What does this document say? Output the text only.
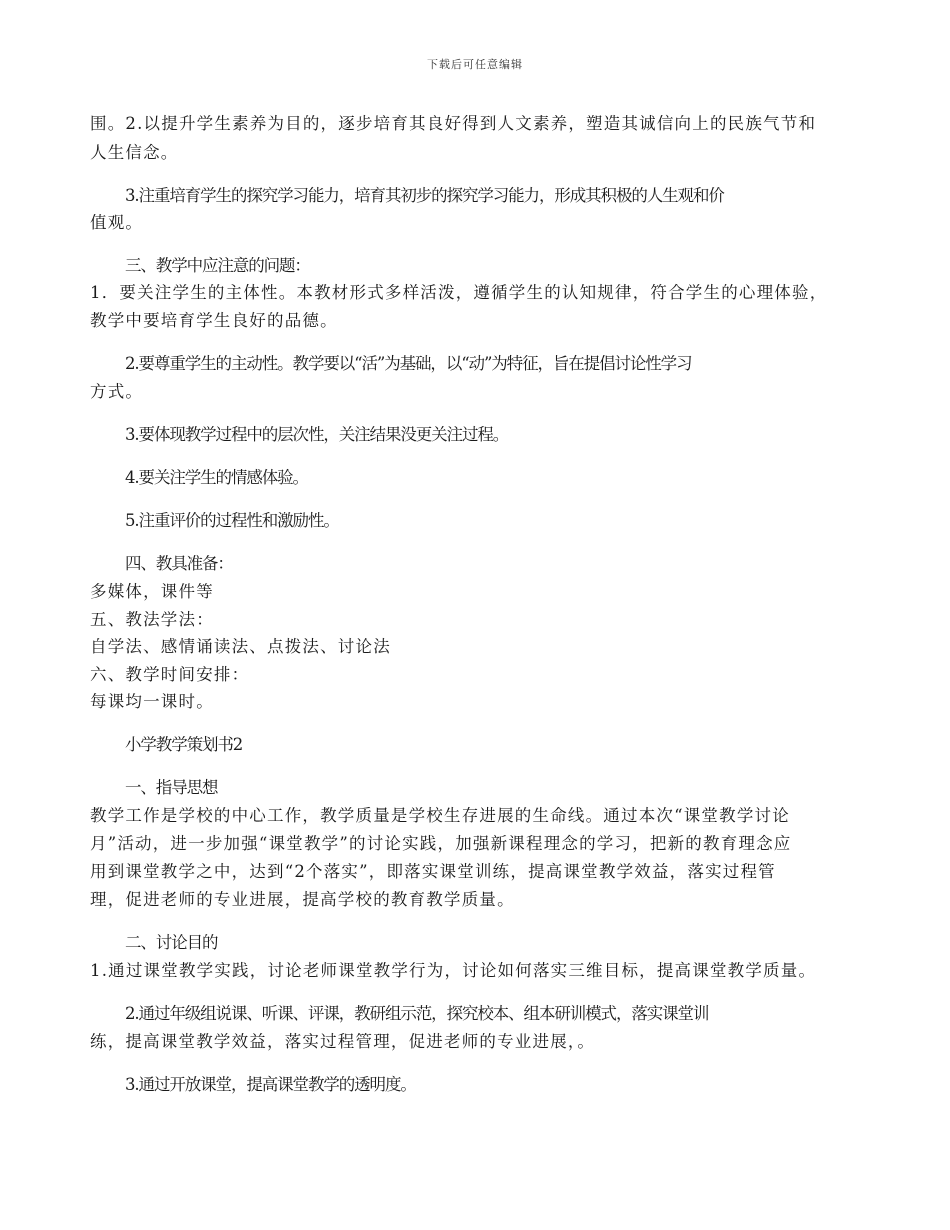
下载后可任意编辑
围。2.以提升学生素养为目的，逐步培育其良好得到人文素养，塑造其诚信向上的民族气节和
人生信念。
3.注重培育学生的探究学习能力，培育其初步的探究学习能力，形成其积极的人生观和价
值观。
三、教学中应注意的问题：
1．要关注学生的主体性。本教材形式多样活泼，遵循学生的认知规律，符合学生的心理体验，
教学中要培育学生良好的品德。
2.要尊重学生的主动性。教学要以“活”为基础，以“动”为特征，旨在提倡讨论性学习
方式。
3.要体现教学过程中的层次性，关注结果没更关注过程。
4.要关注学生的情感体验。
5.注重评价的过程性和激励性。
四、教具准备：
多媒体，课件等
五、教法学法：
自学法、感情诵读法、点拨法、讨论法
六、教学时间安排：
每课均一课时。
小学教学策划书2
一、指导思想
教学工作是学校的中心工作，教学质量是学校生存进展的生命线。通过本次“课堂教学讨论
月”活动，进一步加强“课堂教学”的讨论实践，加强新课程理念的学习，把新的教育理念应
用到课堂教学之中，达到“2个落实”，即落实课堂训练，提高课堂教学效益，落实过程管
理，促进老师的专业进展，提高学校的教育教学质量。
二、讨论目的
1.通过课堂教学实践，讨论老师课堂教学行为，讨论如何落实三维目标，提高课堂教学质量。
2.通过年级组说课、听课、评课，教研组示范，探究校本、组本研训模式，落实课堂训
练，提高课堂教学效益，落实过程管理，促进老师的专业进展，。
3.通过开放课堂，提高课堂教学的透明度。
